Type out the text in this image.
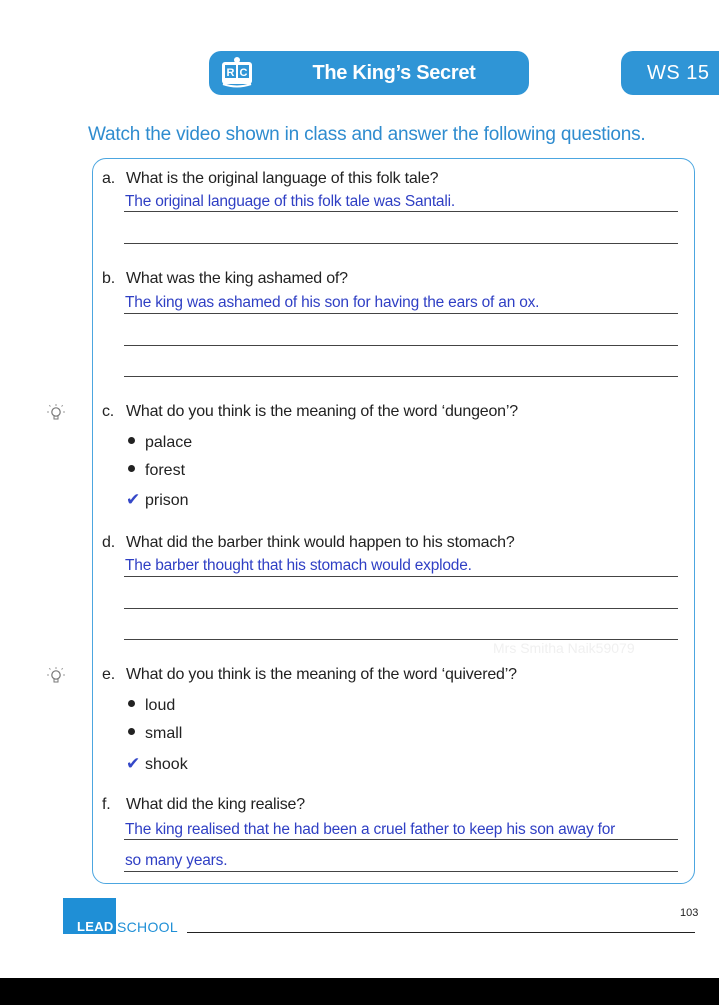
R C	The King’s Secret	WS 15
Watch the video shown in class and answer the following questions.
a. What is the original language of this folk tale?
The original language of this folk tale was Santali.
b. What was the king ashamed of?
The king was ashamed of his son for having the ears of an ox.
c. What do you think is the meaning of the word ‘dungeon’?
palace
forest
✔ prison
d. What did the barber think would happen to his stomach?
The barber thought that his stomach would explode.
Mrs Smitha Naik59079
e. What do you think is the meaning of the word ‘quivered’?
loud
small
✔ shook
f. What did the king realise?
The king realised that he had been a cruel father to keep his son away for
so many years.
LEAD SCHOOL
103
